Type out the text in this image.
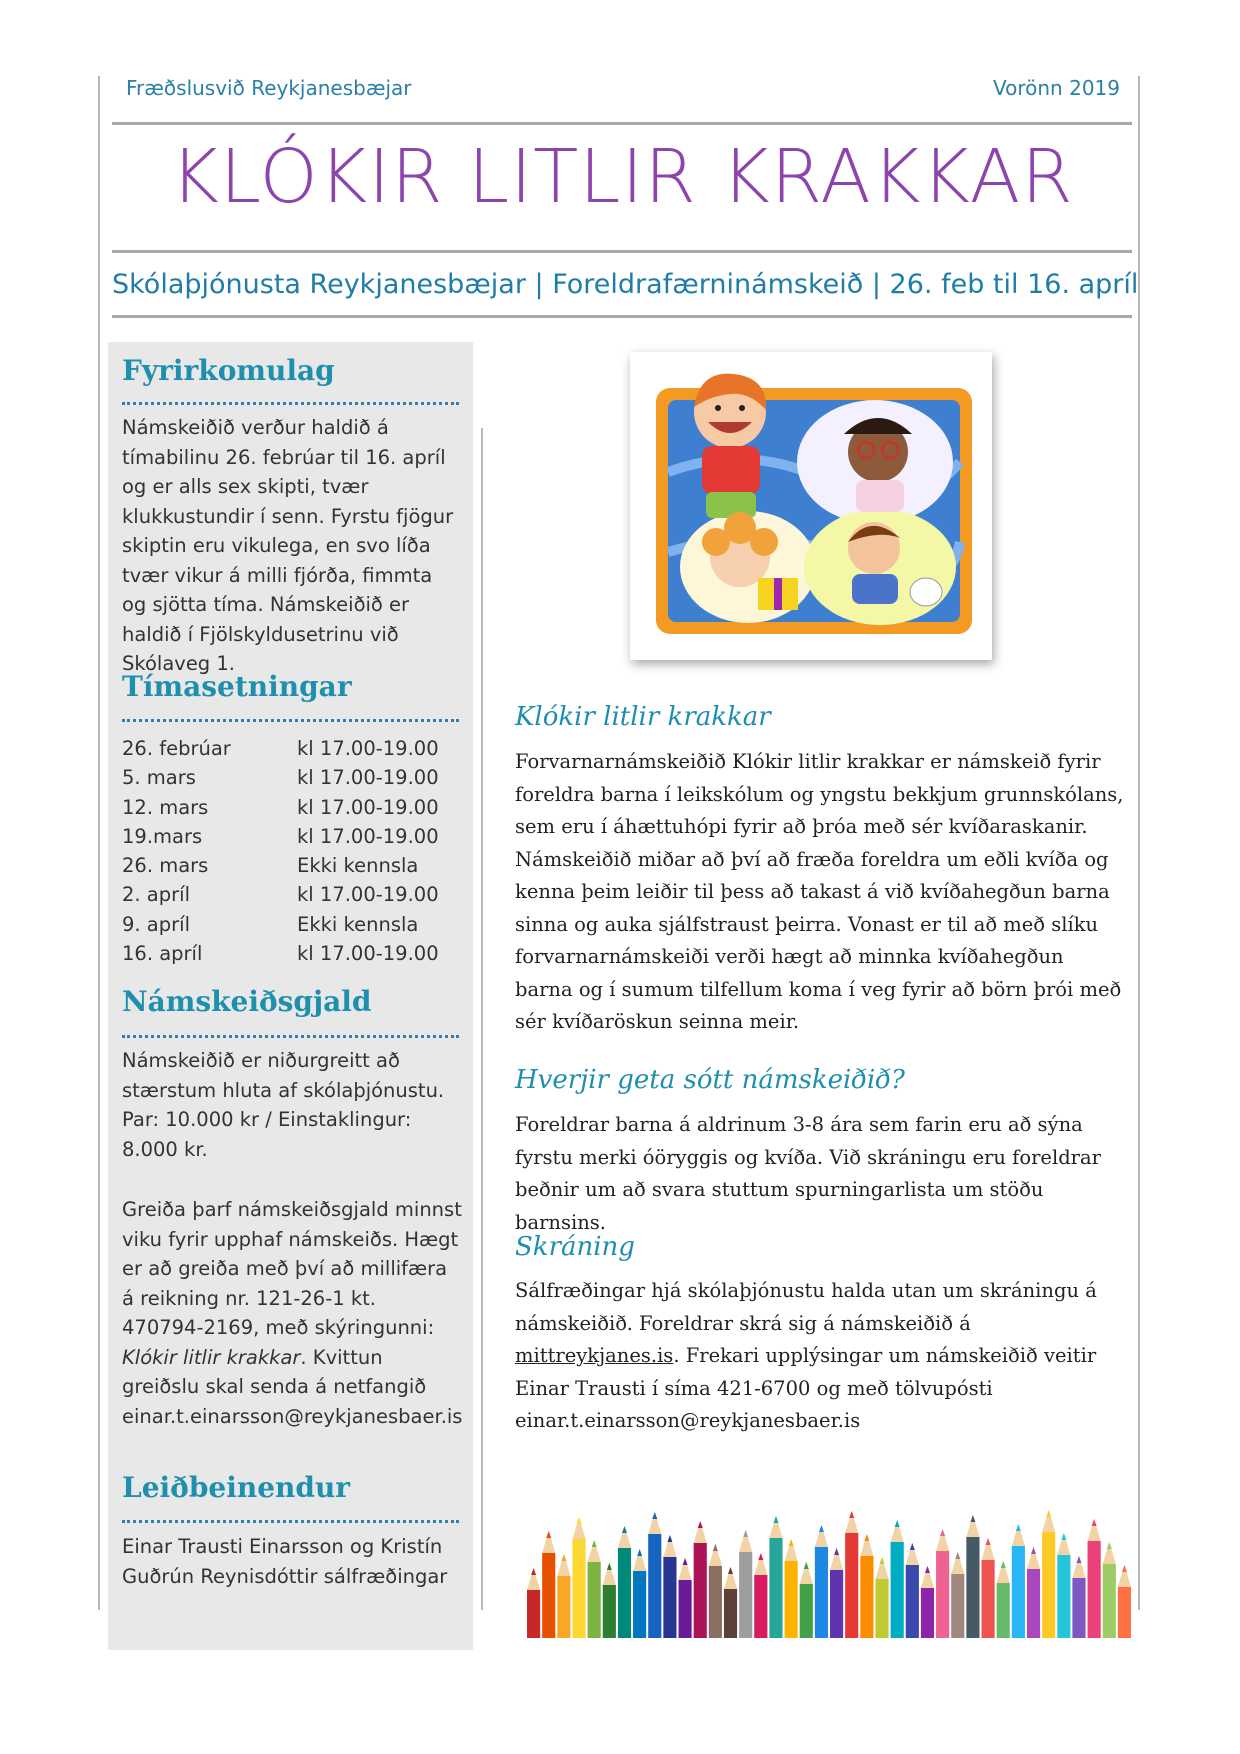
Fræðslusvið Reykjanesbæjar	Vorönn 2019
KLÓKIR LITLIR KRAKKAR
Skólaþjónusta Reykjanesbæjar | Foreldrafærninámskeið | 26. feb til 16. apríl
Fyrirkomulag
Námskeiðið verður haldið á tímabilinu 26. febrúar til 16. apríl og er alls sex skipti, tvær klukkustundir í senn. Fyrstu fjögur skiptin eru vikulega, en svo líða tvær vikur á milli fjórða, fimmta og sjötta tíma. Námskeiðið er haldið í Fjölskyldusetrinu við Skólaveg 1.
Tímasetningar
26. febrúar	kl 17.00-19.00
5. mars	kl 17.00-19.00
12. mars	kl 17.00-19.00
19.mars	kl 17.00-19.00
26. mars	Ekki kennsla
2. apríl	kl 17.00-19.00
9. apríl	Ekki kennsla
16. apríl	kl 17.00-19.00
Námskeiðsgjald
Námskeiðið er niðurgreitt að stærstum hluta af skólaþjónustu. Par: 10.000 kr / Einstaklingur: 8.000 kr.
Greiða þarf námskeiðsgjald minnst viku fyrir upphaf námskeiðs. Hægt er að greiða með því að millifæra á reikning nr. 121-26-1 kt. 470794-2169, með skýringunni: Klókir litlir krakkar. Kvittun greiðslu skal senda á netfangið einar.t.einarsson@reykjanesbaer.is
Leiðbeinendur
Einar Trausti Einarsson og Kristín Guðrún Reynisdóttir sálfræðingar
Klókir litlir krakkar
Forvarnarnámskeiðið Klókir litlir krakkar er námskeið fyrir foreldra barna í leikskólum og yngstu bekkjum grunnskólans, sem eru í áhættuhópi fyrir að þróa með sér kvíðaraskanir. Námskeiðið miðar að því að fræða foreldra um eðli kvíða og kenna þeim leiðir til þess að takast á við kvíðahegðun barna sinna og auka sjálfstraust þeirra. Vonast er til að með slíku forvarnarnámskeiði verði hægt að minnka kvíðahegðun barna og í sumum tilfellum koma í veg fyrir að börn þrói með sér kvíðaröskun seinna meir.
Hverjir geta sótt námskeiðið?
Foreldrar barna á aldrinum 3-8 ára sem farin eru að sýna fyrstu merki óöryggis og kvíða. Við skráningu eru foreldrar beðnir um að svara stuttum spurningarlista um stöðu barnsins.
Skráning
Sálfræðingar hjá skólaþjónustu halda utan um skráningu á námskeiðið. Foreldrar skrá sig á námskeiðið á mittreykjanes.is. Frekari upplýsingar um námskeiðið veitir Einar Trausti í síma 421-6700 og með tölvupósti einar.t.einarsson@reykjanesbaer.is
